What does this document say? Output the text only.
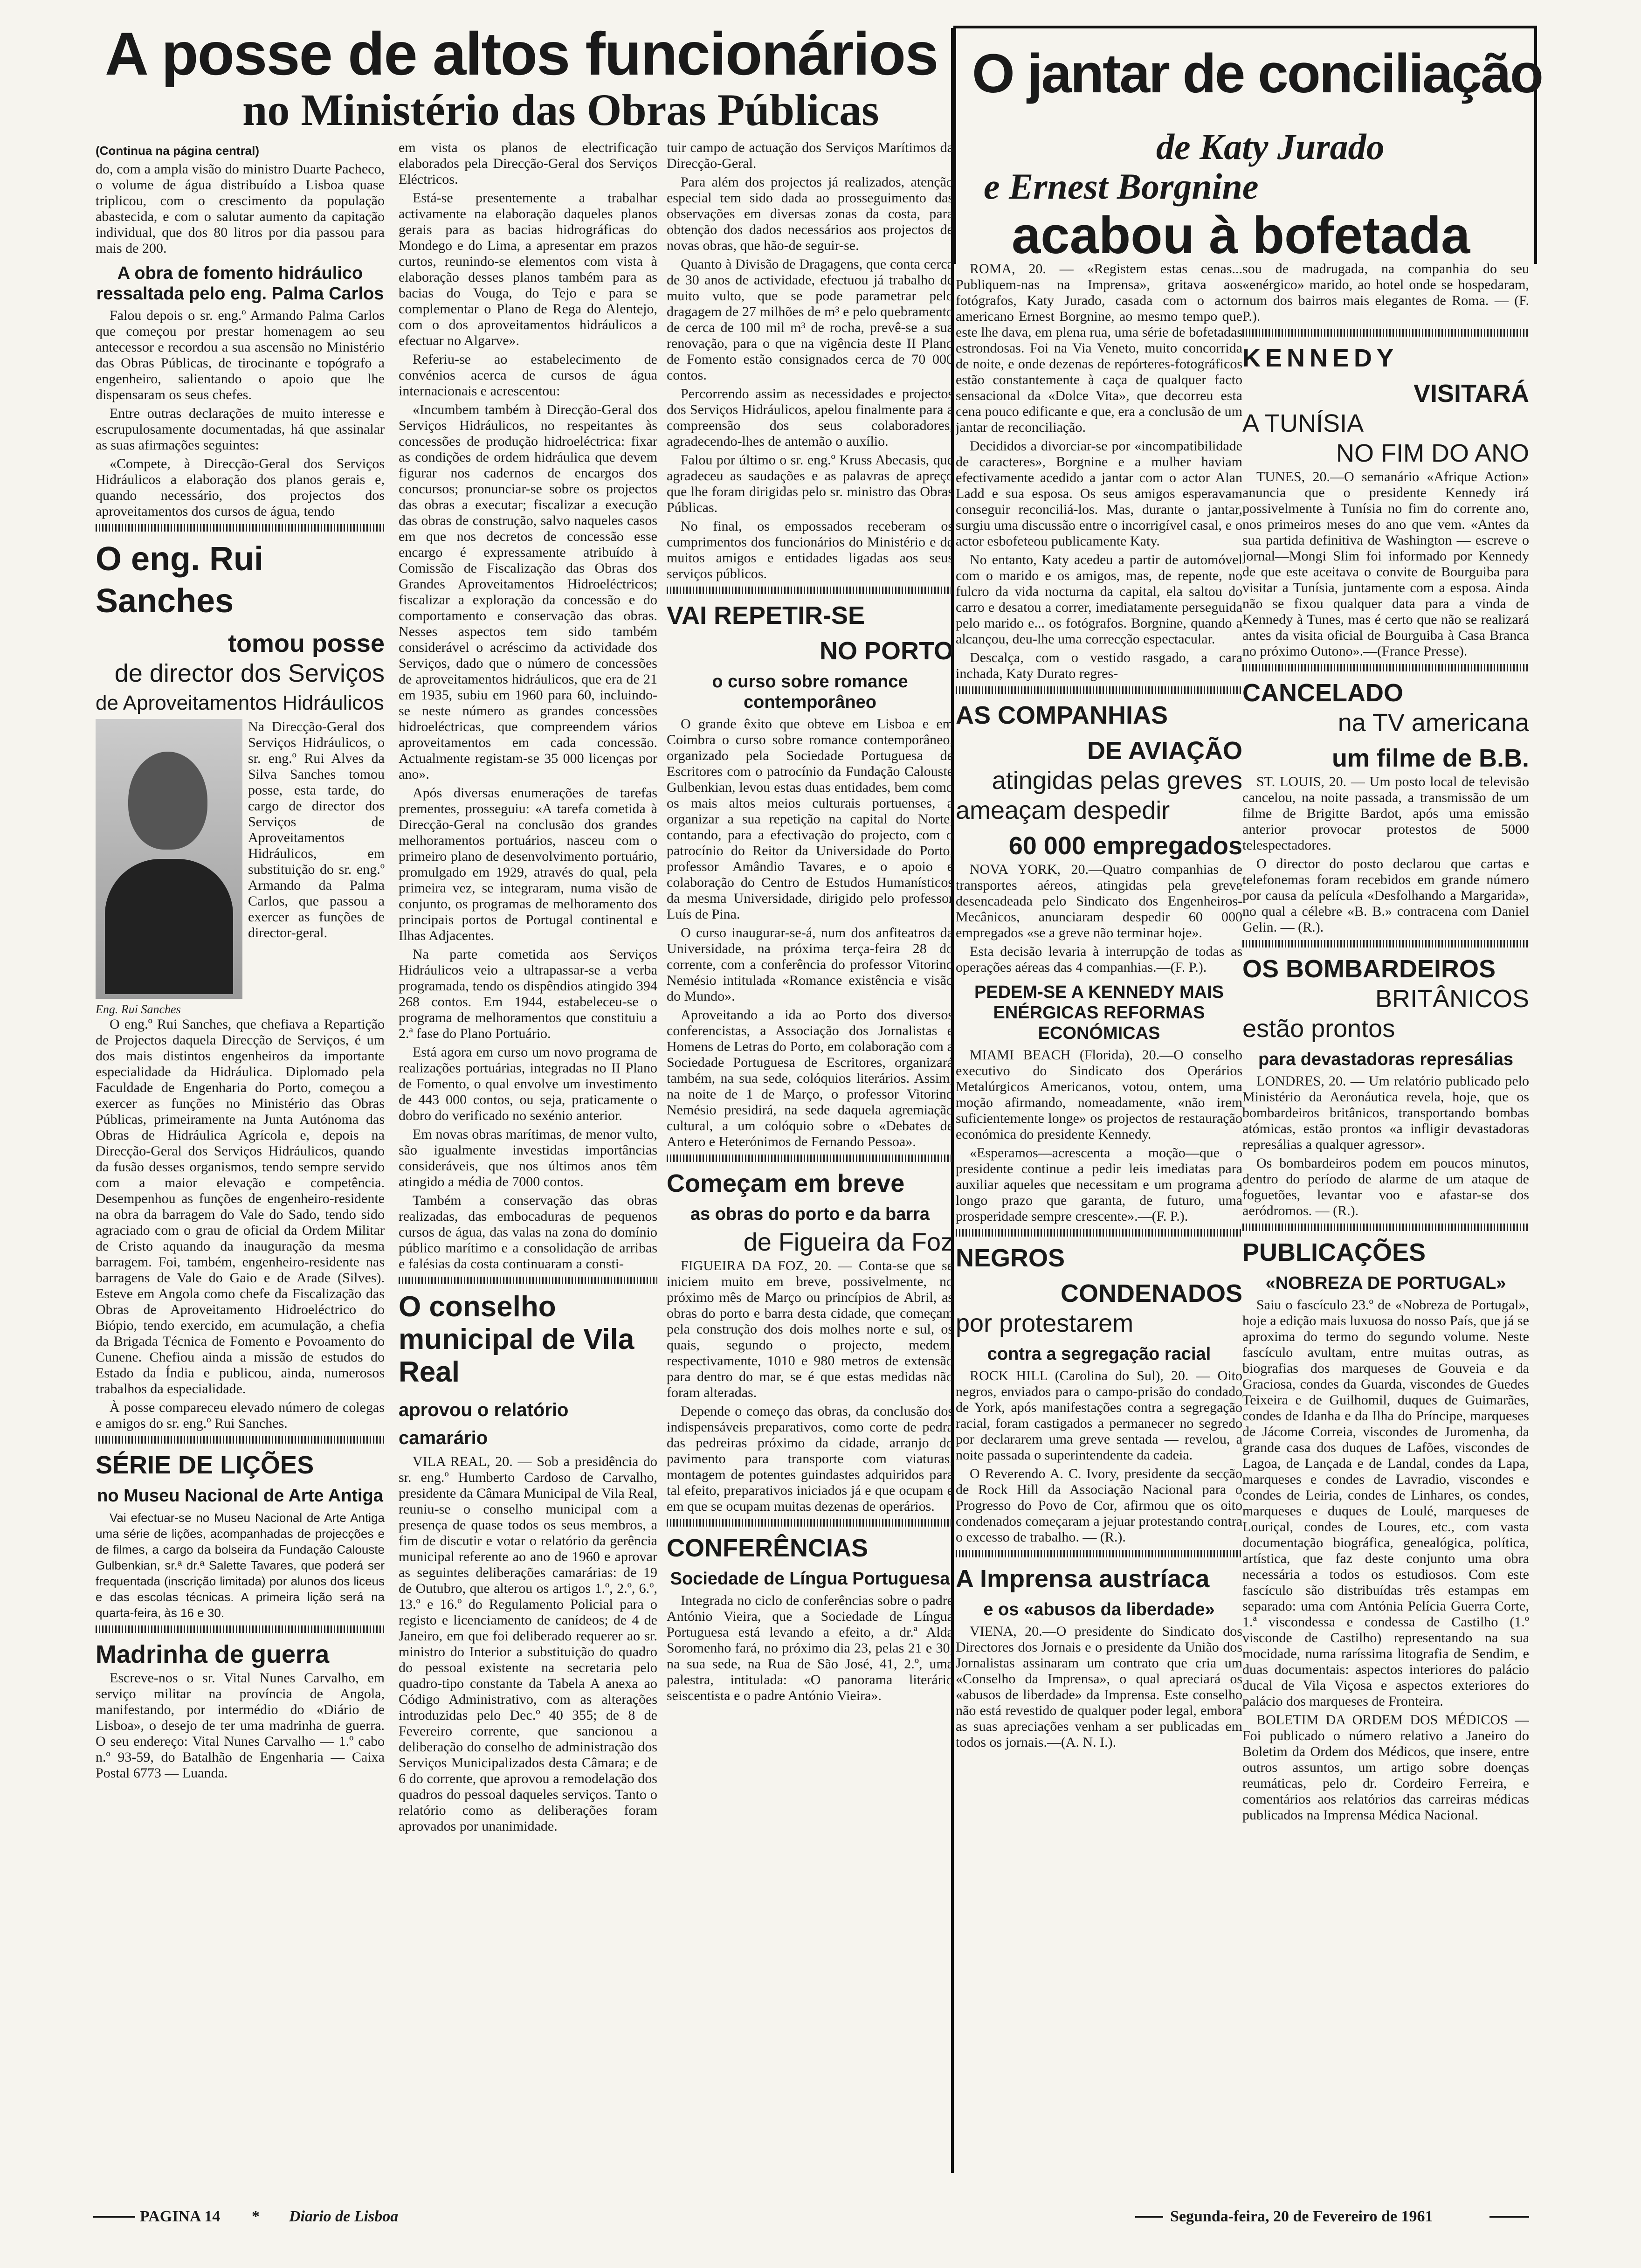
A posse de altos funcionários
no Ministério das Obras Públicas
O jantar de conciliação
de Katy Jurado
e Ernest Borgnine
acabou à bofetada

(Continua na página central)

do, com a ampla visão do ministro Duarte Pacheco, o volume de água distribuído a Lisboa quase triplicou, com o crescimento da população abastecida, e com o salutar aumento da capitação individual, que dos 80 litros por dia passou para mais de 200.

A obra de fomento hidráulico ressaltada pelo eng. Palma Carlos

Falou depois o sr. eng.º Armando Palma Carlos que começou por prestar homenagem ao seu antecessor e recordou a sua ascensão no Ministério das Obras Públicas, de tirocinante e topógrafo a engenheiro, salientando o apoio que lhe dispensaram os seus chefes.

Entre outras declarações de muito interesse e escrupulosamente documentadas, há que assinalar as suas afirmações seguintes:

«Compete, à Direcção-Geral dos Serviços Hidráulicos a elaboração dos planos gerais e, quando necessário, dos projectos dos aproveitamentos dos cursos de água, tendo

O eng. Rui Sanches
tomou posse
de director dos Serviços
de Aproveitamentos Hidráulicos

Na Direcção-Geral dos Serviços Hidráulicos, o sr. eng.º Rui Alves da Silva Sanches tomou posse, esta tarde, do cargo de director dos Serviços de Aproveitamentos Hidráulicos, em substituição do sr. eng.º Armando da Palma Carlos, que passou a exercer as funções de director-geral.

Eng. Rui Sanches

O eng.º Rui Sanches, que chefiava a Repartição de Projectos daquela Direcção de Serviços, é um dos mais distintos engenheiros da importante especialidade da Hidráulica. Diplomado pela Faculdade de Engenharia do Porto, começou a exercer as funções no Ministério das Obras Públicas, primeiramente na Junta Autónoma das Obras de Hidráulica Agrícola e, depois na Direcção-Geral dos Serviços Hidráulicos, quando da fusão desses organismos, tendo sempre servido com a maior elevação e competência. Desempenhou as funções de engenheiro-residente na obra da barragem do Vale do Sado, tendo sido agraciado com o grau de oficial da Ordem Militar de Cristo aquando da inauguração da mesma barragem. Foi, também, engenheiro-residente nas barragens de Vale do Gaio e de Arade (Silves). Esteve em Angola como chefe da Fiscalização das Obras de Aproveitamento Hidroeléctrico do Biópio, tendo exercido, em acumulação, a chefia da Brigada Técnica de Fomento e Povoamento do Cunene. Chefiou ainda a missão de estudos do Estado da Índia e publicou, ainda, numerosos trabalhos da especialidade.

À posse compareceu elevado número de colegas e amigos do sr. eng.º Rui Sanches.

SÉRIE DE LIÇÕES
no Museu Nacional de Arte Antiga

Vai efectuar-se no Museu Nacional de Arte Antiga uma série de lições, acompanhadas de projecções e de filmes, a cargo da bolseira da Fundação Calouste Gulbenkian, sr.ª dr.ª Salette Tavares, que poderá ser frequentada (inscrição limitada) por alunos dos liceus e das escolas técnicas. A primeira lição será na quarta-feira, às 16 e 30.

Madrinha de guerra

Escreve-nos o sr. Vital Nunes Carvalho, em serviço militar na província de Angola, manifestando, por intermédio do «Diário de Lisboa», o desejo de ter uma madrinha de guerra. O seu endereço: Vital Nunes Carvalho — 1.º cabo n.º 93-59, do Batalhão de Engenharia — Caixa Postal 6773 — Luanda.

em vista os planos de electrificação elaborados pela Direcção-Geral dos Serviços Eléctricos.

Está-se presentemente a trabalhar activamente na elaboração daqueles planos gerais para as bacias hidrográficas do Mondego e do Lima, a apresentar em prazos curtos, reunindo-se elementos com vista à elaboração desses planos também para as bacias do Vouga, do Tejo e para se complementar o Plano de Rega do Alentejo, com o dos aproveitamentos hidráulicos a efectuar no Algarve».

Referiu-se ao estabelecimento de convénios acerca de cursos de água internacionais e acrescentou:

«Incumbem também à Direcção-Geral dos Serviços Hidráulicos, no respeitantes às concessões de produção hidroeléctrica: fixar as condições de ordem hidráulica que devem figurar nos cadernos de encargos dos concursos; pronunciar-se sobre os projectos das obras a executar; fiscalizar a execução das obras de construção, salvo naqueles casos em que nos decretos de concessão esse encargo é expressamente atribuído à Comissão de Fiscalização das Obras dos Grandes Aproveitamentos Hidroeléctricos; fiscalizar a exploração da concessão e do comportamento e conservação das obras. Nesses aspectos tem sido também considerável o acréscimo da actividade dos Serviços, dado que o número de concessões de aproveitamentos hidráulicos, que era de 21 em 1935, subiu em 1960 para 60, incluindo-se neste número as grandes concessões hidroeléctricas, que compreendem vários aproveitamentos em cada concessão. Actualmente registam-se 35 000 licenças por ano».

Após diversas enumerações de tarefas prementes, prosseguiu: «A tarefa cometida à Direcção-Geral na conclusão dos grandes melhoramentos portuários, nasceu com o primeiro plano de desenvolvimento portuário, promulgado em 1929, através do qual, pela primeira vez, se integraram, numa visão de conjunto, os programas de melhoramento dos principais portos de Portugal continental e Ilhas Adjacentes.

Na parte cometida aos Serviços Hidráulicos veio a ultrapassar-se a verba programada, tendo os dispêndios atingido 394 268 contos. Em 1944, estabeleceu-se o programa de melhoramentos que constituiu a 2.ª fase do Plano Portuário.

Está agora em curso um novo programa de realizações portuárias, integradas no II Plano de Fomento, o qual envolve um investimento de 443 000 contos, ou seja, praticamente o dobro do verificado no sexénio anterior.

Em novas obras marítimas, de menor vulto, são igualmente investidas importâncias consideráveis, que nos últimos anos têm atingido a média de 7000 contos.

Também a conservação das obras realizadas, das embocaduras de pequenos cursos de água, das valas na zona do domínio público marítimo e a consolidação de arribas e falésias da costa continuaram a consti-

O conselho municipal de Vila Real
aprovou o relatório camarário

VILA REAL, 20. — Sob a presidência do sr. eng.º Humberto Cardoso de Carvalho, presidente da Câmara Municipal de Vila Real, reuniu-se o conselho municipal com a presença de quase todos os seus membros, a fim de discutir e votar o relatório da gerência municipal referente ao ano de 1960 e aprovar as seguintes deliberações camarárias: de 19 de Outubro, que alterou os artigos 1.º, 2.º, 6.º, 13.º e 16.º do Regulamento Policial para o registo e licenciamento de canídeos; de 4 de Janeiro, em que foi deliberado requerer ao sr. ministro do Interior a substituição do quadro do pessoal existente na secretaria pelo quadro-tipo constante da Tabela A anexa ao Código Administrativo, com as alterações introduzidas pelo Dec.º 40 355; de 8 de Fevereiro corrente, que sancionou a deliberação do conselho de administração dos Serviços Municipalizados desta Câmara; e de 6 do corrente, que aprovou a remodelação dos quadros do pessoal daqueles serviços. Tanto o relatório como as deliberações foram aprovados por unanimidade.

tuir campo de actuação dos Serviços Marítimos da Direcção-Geral.

Para além dos projectos já realizados, atenção especial tem sido dada ao prosseguimento das observações em diversas zonas da costa, para obtenção dos dados necessários aos projectos de novas obras, que hão-de seguir-se.

Quanto à Divisão de Dragagens, que conta cerca de 30 anos de actividade, efectuou já trabalho de muito vulto, que se pode parametrar pelo dragagem de 27 milhões de m³ e pelo quebramento de cerca de 100 mil m³ de rocha, prevê-se a sua renovação, para o que na vigência deste II Plano de Fomento estão consignados cerca de 70 000 contos.

Percorrendo assim as necessidades e projectos dos Serviços Hidráulicos, apelou finalmente para a compreensão dos seus colaboradores, agradecendo-lhes de antemão o auxílio.

Falou por último o sr. eng.º Kruss Abecasis, que agradeceu as saudações e as palavras de apreço que lhe foram dirigidas pelo sr. ministro das Obras Públicas.

No final, os empossados receberam os cumprimentos dos funcionários do Ministério e de muitos amigos e entidades ligadas aos seus serviços públicos.

VAI REPETIR-SE
NO PORTO
o curso sobre romance contemporâneo

O grande êxito que obteve em Lisboa e em Coimbra o curso sobre romance contemporâneo, organizado pela Sociedade Portuguesa de Escritores com o patrocínio da Fundação Calouste Gulbenkian, levou estas duas entidades, bem como os mais altos meios culturais portuenses, a organizar a sua repetição na capital do Norte, contando, para a efectivação do projecto, com o patrocínio do Reitor da Universidade do Porto, professor Amândio Tavares, e o apoio e colaboração do Centro de Estudos Humanísticos da mesma Universidade, dirigido pelo professor Luís de Pina.

O curso inaugurar-se-á, num dos anfiteatros da Universidade, na próxima terça-feira 28 do corrente, com a conferência do professor Vitorino Nemésio intitulada «Romance existência e visão do Mundo».

Aproveitando a ida ao Porto dos diversos conferencistas, a Associação dos Jornalistas e Homens de Letras do Porto, em colaboração com a Sociedade Portuguesa de Escritores, organizará também, na sua sede, colóquios literários. Assim, na noite de 1 de Março, o professor Vitorino Nemésio presidirá, na sede daquela agremiação cultural, a um colóquio sobre o «Debates de Antero e Heterónimos de Fernando Pessoa».

Começam em breve
as obras do porto e da barra
de Figueira da Foz

FIGUEIRA DA FOZ, 20. — Conta-se que se iniciem muito em breve, possivelmente, no próximo mês de Março ou princípios de Abril, as obras do porto e barra desta cidade, que começam pela construção dos dois molhes norte e sul, os quais, segundo o projecto, medem, respectivamente, 1010 e 980 metros de extensão para dentro do mar, se é que estas medidas não foram alteradas.

Depende o começo das obras, da conclusão dos indispensáveis preparativos, como corte de pedra das pedreiras próximo da cidade, arranjo do pavimento para transporte com viaturas, montagem de potentes guindastes adquiridos para tal efeito, preparativos iniciados já e que ocupam e em que se ocupam muitas dezenas de operários.

CONFERÊNCIAS
Sociedade de Língua Portuguesa

Integrada no ciclo de conferências sobre o padre António Vieira, que a Sociedade de Língua Portuguesa está levando a efeito, a dr.ª Alda Soromenho fará, no próximo dia 23, pelas 21 e 30, na sua sede, na Rua de São José, 41, 2.º, uma palestra, intitulada: «O panorama literário seiscentista e o padre António Vieira».

ROMA, 20. — «Registem estas cenas... Publiquem-nas na Imprensa», gritava aos fotógrafos, Katy Jurado, casada com o actor americano Ernest Borgnine, ao mesmo tempo que este lhe dava, em plena rua, uma série de bofetadas estrondosas. Foi na Via Veneto, muito concorrida de noite, e onde dezenas de repórteres-fotográficos estão constantemente à caça de qualquer facto sensacional da «Dolce Vita», que decorreu esta cena pouco edificante e que, era a conclusão de um jantar de reconciliação.

Decididos a divorciar-se por «incompatibilidade de caracteres», Borgnine e a mulher haviam efectivamente acedido a jantar com o actor Alan Ladd e sua esposa. Os seus amigos esperavam conseguir reconciliá-los. Mas, durante o jantar, surgiu uma discussão entre o incorrigível casal, e o actor esbofeteou publicamente Katy.

No entanto, Katy acedeu a partir de automóvel com o marido e os amigos, mas, de repente, no fulcro da vida nocturna da capital, ela saltou do carro e desatou a correr, imediatamente perseguida pelo marido e... os fotógrafos. Borgnine, quando a alcançou, deu-lhe uma correcção espectacular.

Descalça, com o vestido rasgado, a cara inchada, Katy Durato regres-

AS COMPANHIAS
DE AVIAÇÃO
atingidas pelas greves
ameaçam despedir
60 000 empregados

NOVA YORK, 20.—Quatro companhias de transportes aéreos, atingidas pela greve desencadeada pelo Sindicato dos Engenheiros-Mecânicos, anunciaram despedir 60 000 empregados «se a greve não terminar hoje».

Esta decisão levaria à interrupção de todas as operações aéreas das 4 companhias.—(F. P.).

PEDEM-SE A KENNEDY MAIS ENÉRGICAS REFORMAS ECONÓMICAS

MIAMI BEACH (Florida), 20.—O conselho executivo do Sindicato dos Operários Metalúrgicos Americanos, votou, ontem, uma moção afirmando, nomeadamente, «não irem suficientemente longe» os projectos de restauração económica do presidente Kennedy.

«Esperamos—acrescenta a moção—que o presidente continue a pedir leis imediatas para auxiliar aqueles que necessitam e um programa a longo prazo que garanta, de futuro, uma prosperidade sempre crescente».—(F. P.).

NEGROS
CONDENADOS
por protestarem
contra a segregação racial

ROCK HILL (Carolina do Sul), 20. — Oito negros, enviados para o campo-prisão do condado de York, após manifestações contra a segregação racial, foram castigados a permanecer no segredo por declararem uma greve sentada — revelou, a noite passada o superintendente da cadeia.

O Reverendo A. C. Ivory, presidente da secção de Rock Hill da Associação Nacional para o Progresso do Povo de Cor, afirmou que os oito condenados começaram a jejuar protestando contra o excesso de trabalho. — (R.).

A Imprensa austríaca
e os «abusos da liberdade»

VIENA, 20.—O presidente do Sindicato dos Directores dos Jornais e o presidente da União dos Jornalistas assinaram um contrato que cria um «Conselho da Imprensa», o qual apreciará os «abusos de liberdade» da Imprensa. Este conselho não está revestido de qualquer poder legal, embora as suas apreciações venham a ser publicadas em todos os jornais.—(A. N. I.).

sou de madrugada, na companhia do seu «enérgico» marido, ao hotel onde se hospedaram, num dos bairros mais elegantes de Roma. — (F. P.).

KENNEDY
VISITARÁ
A TUNÍSIA
NO FIM DO ANO

TUNES, 20.—O semanário «Afrique Action» anuncia que o presidente Kennedy irá possivelmente à Tunísia no fim do corrente ano, nos primeiros meses do ano que vem. «Antes da sua partida definitiva de Washington — escreve o jornal—Mongi Slim foi informado por Kennedy de que este aceitava o convite de Bourguiba para visitar a Tunísia, juntamente com a esposa. Ainda não se fixou qualquer data para a vinda de Kennedy à Tunes, mas é certo que não se realizará antes da visita oficial de Bourguiba à Casa Branca no próximo Outono».—(France Presse).

CANCELADO
na TV americana
um filme de B.B.

ST. LOUIS, 20. — Um posto local de televisão cancelou, na noite passada, a transmissão de um filme de Brigitte Bardot, após uma emissão anterior provocar protestos de 5000 telespectadores.

O director do posto declarou que cartas e telefonemas foram recebidos em grande número por causa da película «Desfolhando a Margarida», no qual a célebre «B. B.» contracena com Daniel Gelin. — (R.).

OS BOMBARDEIROS
BRITÂNICOS
estão prontos
para devastadoras represálias

LONDRES, 20. — Um relatório publicado pelo Ministério da Aeronáutica revela, hoje, que os bombardeiros britânicos, transportando bombas atómicas, estão prontos «a infligir devastadoras represálias a qualquer agressor».

Os bombardeiros podem em poucos minutos, dentro do período de alarme de um ataque de foguetões, levantar voo e afastar-se dos aeródromos. — (R.).

PUBLICAÇÕES
«NOBREZA DE PORTUGAL»

Saiu o fascículo 23.º de «Nobreza de Portugal», hoje a edição mais luxuosa do nosso País, que já se aproxima do termo do segundo volume. Neste fascículo avultam, entre muitas outras, as biografias dos marqueses de Gouveia e da Graciosa, condes da Guarda, viscondes de Guedes Teixeira e de Guilhomil, duques de Guimarães, condes de Idanha e da Ilha do Príncipe, marqueses de Jácome Correia, viscondes de Juromenha, da grande casa dos duques de Lafões, viscondes de Lagoa, de Lançada e de Landal, condes da Lapa, marqueses e condes de Lavradio, viscondes e condes de Leiria, condes de Linhares, os condes, marqueses e duques de Loulé, marqueses de Louriçal, condes de Loures, etc., com vasta documentação biográfica, genealógica, política, artística, que faz deste conjunto uma obra necessária a todos os estudiosos. Com este fascículo são distribuídas três estampas em separado: uma com Antónia Pelícia Guerra Corte, 1.ª viscondessa e condessa de Castilho (1.º visconde de Castilho) representando na sua mocidade, numa raríssima litografia de Sendim, e duas documentais: aspectos interiores do palácio ducal de Vila Viçosa e aspectos exteriores do palácio dos marqueses de Fronteira.

BOLETIM DA ORDEM DOS MÉDICOS — Foi publicado o número relativo a Janeiro do Boletim da Ordem dos Médicos, que insere, entre outros assuntos, um artigo sobre doenças reumáticas, pelo dr. Cordeiro Ferreira, e comentários aos relatórios das carreiras médicas publicados na Imprensa Médica Nacional.

PAGINA 14 * Diario de Lisboa	Segunda-feira, 20 de Fevereiro de 1961
